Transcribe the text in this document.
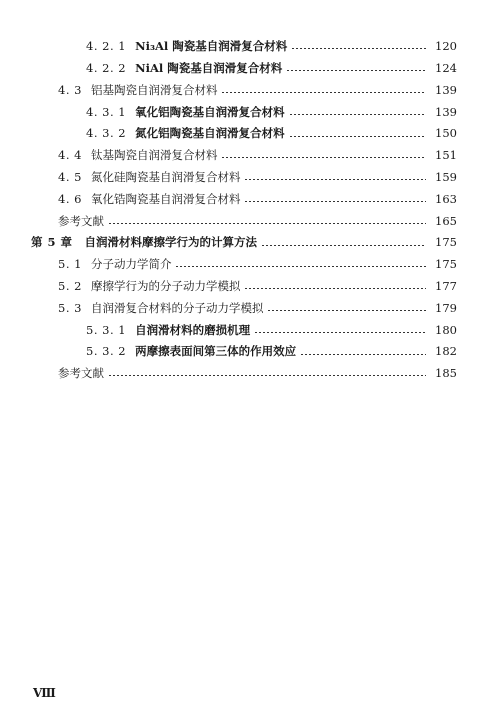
4. 2. 1 Ni₃Al 陶瓷基自润滑复合材料	120
4. 2. 2 NiAl 陶瓷基自润滑复合材料	124
4. 3 铝基陶瓷自润滑复合材料	139
4. 3. 1 氧化铝陶瓷基自润滑复合材料	139
4. 3. 2 氮化铝陶瓷基自润滑复合材料	150
4. 4 钛基陶瓷自润滑复合材料	151
4. 5 氮化硅陶瓷基自润滑复合材料	159
4. 6 氧化锆陶瓷基自润滑复合材料	163
参考文献	165
第 5 章 自润滑材料摩擦学行为的计算方法	175
5. 1 分子动力学简介	175
5. 2 摩擦学行为的分子动力学模拟	177
5. 3 自润滑复合材料的分子动力学模拟	179
5. 3. 1 自润滑材料的磨损机理	180
5. 3. 2 两摩擦表面间第三体的作用效应	182
参考文献	185
Ⅷ
